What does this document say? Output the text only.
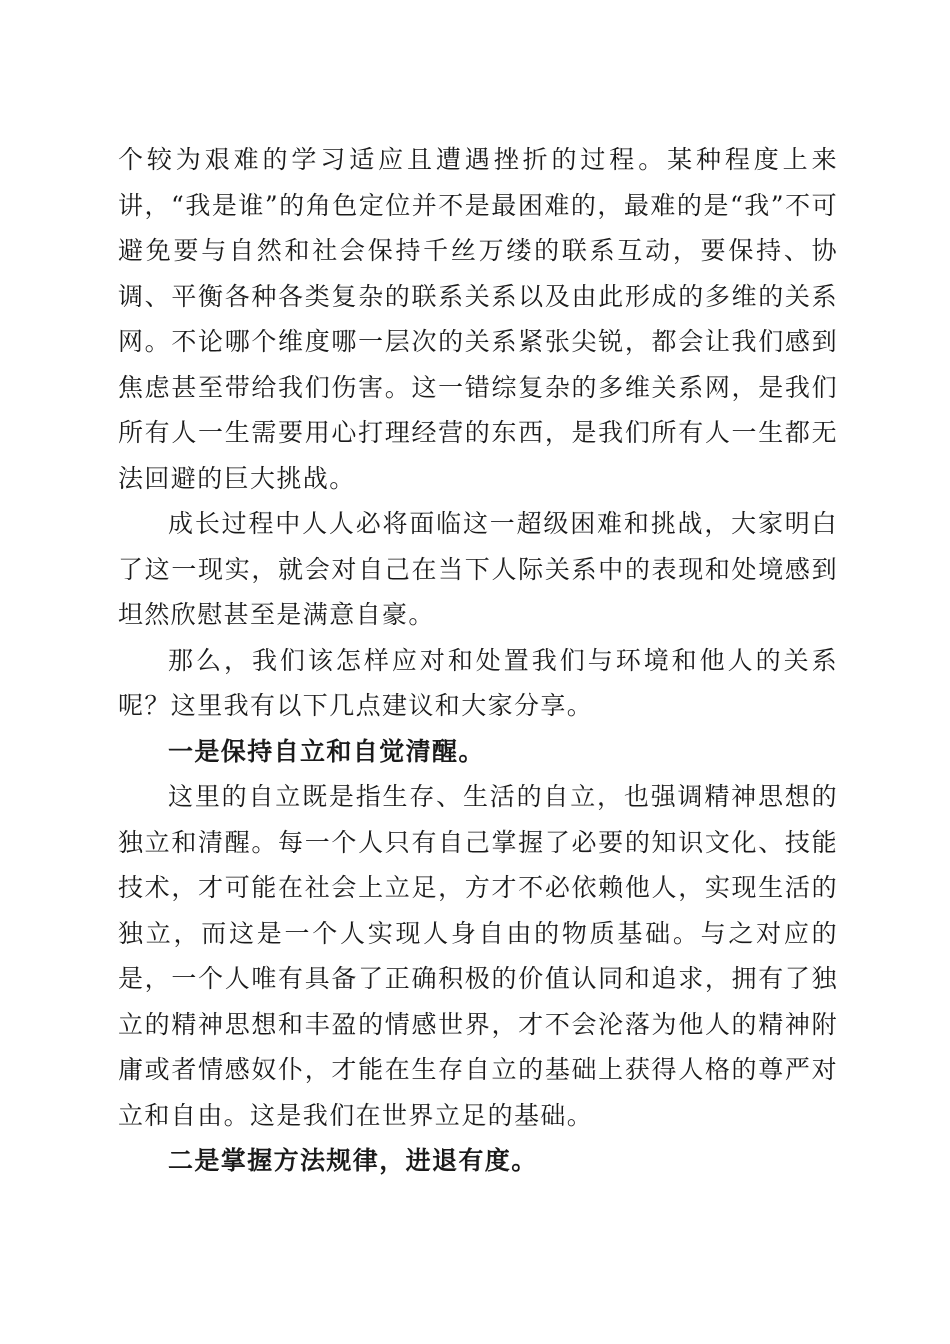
个较为艰难的学习适应且遭遇挫折的过程。某种程度上来讲，“我是谁”的角色定位并不是最困难的，最难的是“我”不可避免要与自然和社会保持千丝万缕的联系互动，要保持、协调、平衡各种各类复杂的联系关系以及由此形成的多维的关系网。不论哪个维度哪一层次的关系紧张尖锐，都会让我们感到焦虑甚至带给我们伤害。这一错综复杂的多维关系网，是我们所有人一生需要用心打理经营的东西，是我们所有人一生都无法回避的巨大挑战。

成长过程中人人必将面临这一超级困难和挑战，大家明白了这一现实，就会对自己在当下人际关系中的表现和处境感到坦然欣慰甚至是满意自豪。

那么，我们该怎样应对和处置我们与环境和他人的关系呢？这里我有以下几点建议和大家分享。

一是保持自立和自觉清醒。

这里的自立既是指生存、生活的自立，也强调精神思想的独立和清醒。每一个人只有自己掌握了必要的知识文化、技能技术，才可能在社会上立足，方才不必依赖他人，实现生活的独立，而这是一个人实现人身自由的物质基础。与之对应的是，一个人唯有具备了正确积极的价值认同和追求，拥有了独立的精神思想和丰盈的情感世界，才不会沦落为他人的精神附庸或者情感奴仆，才能在生存自立的基础上获得人格的尊严对立和自由。这是我们在世界立足的基础。

二是掌握方法规律，进退有度。
